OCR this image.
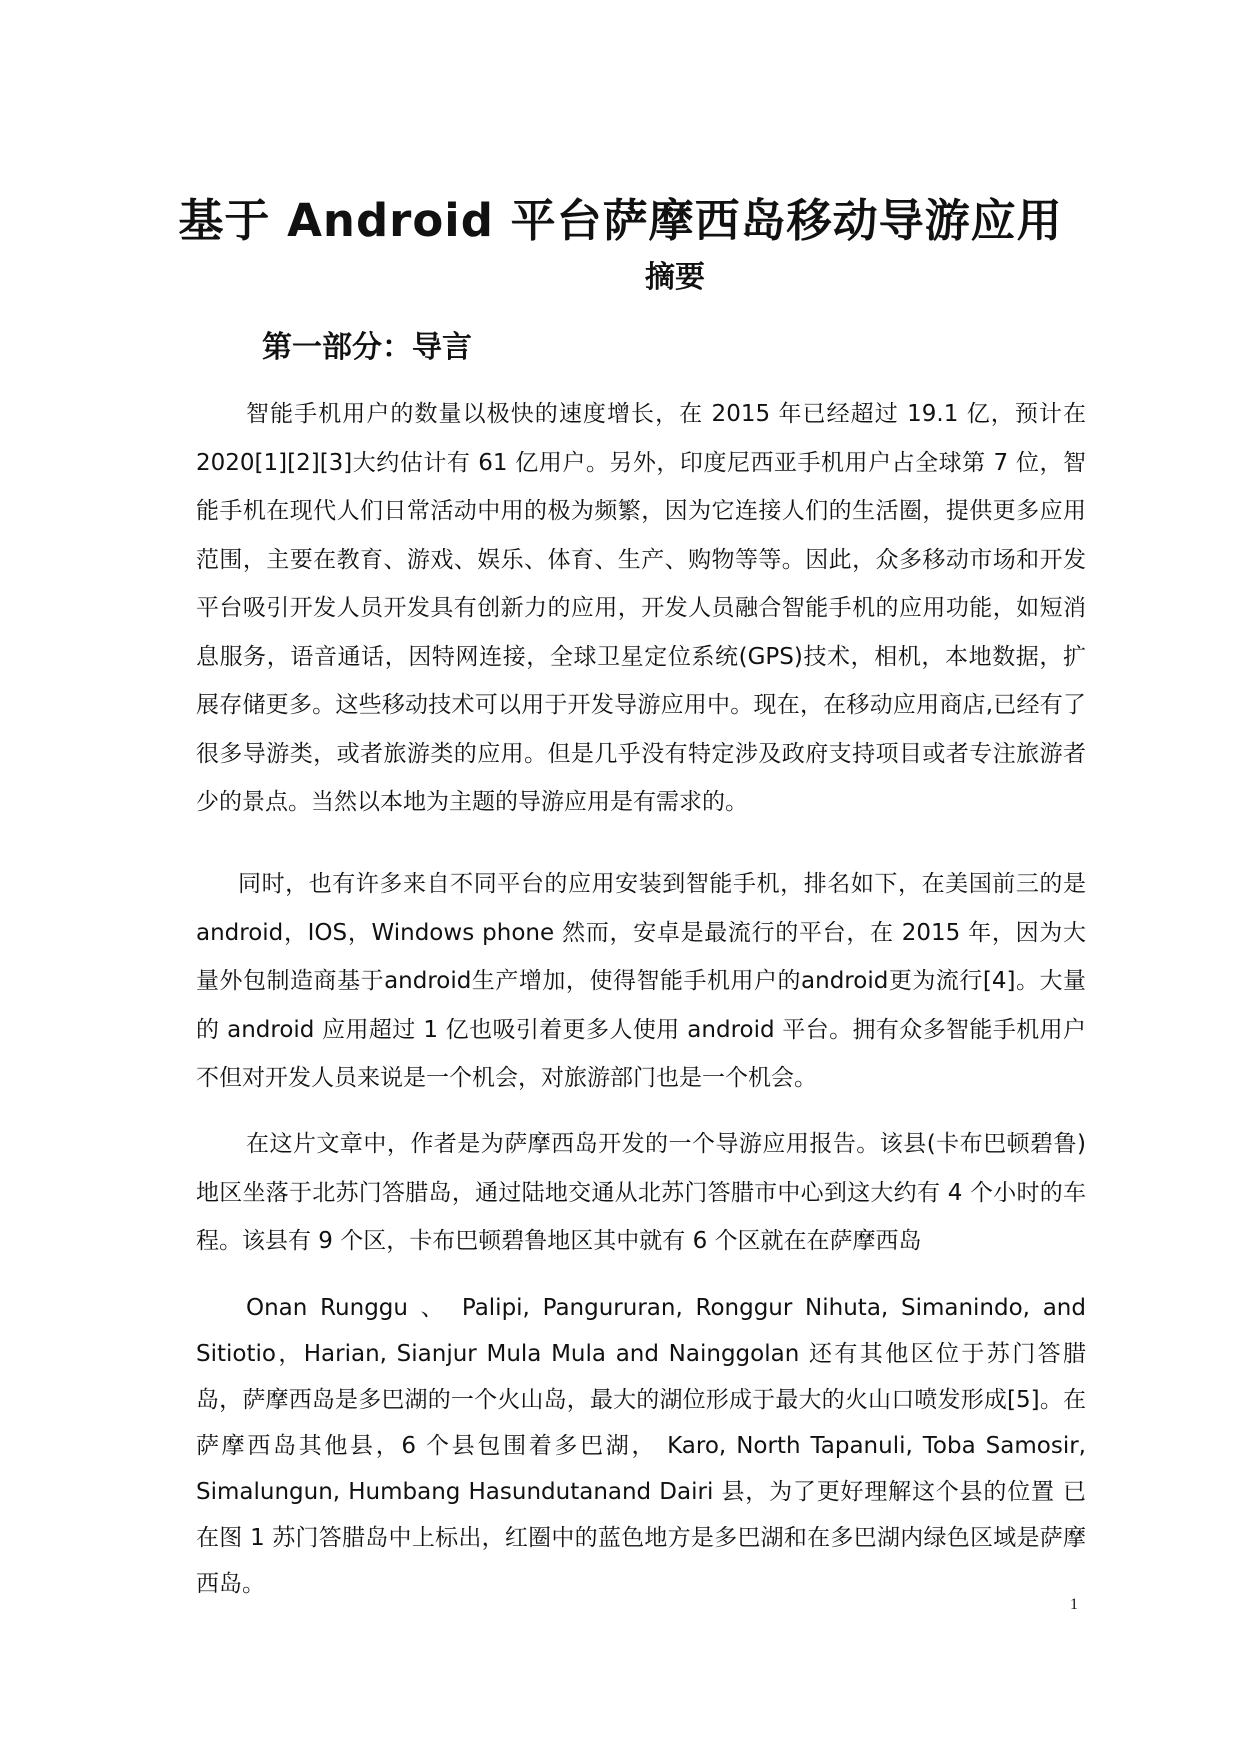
基于 Android 平台萨摩西岛移动导游应用
摘要
第一部分：导言

智能手机用户的数量以极快的速度增长，在 2015 年已经超过 19.1 亿，预计在 2020[1][2][3]大约估计有 61 亿用户。另外，印度尼西亚手机用户占全球第 7 位，智能手机在现代人们日常活动中用的极为频繁，因为它连接人们的生活圈，提供更多应用范围，主要在教育、游戏、娱乐、体育、生产、购物等等。因此，众多移动市场和开发平台吸引开发人员开发具有创新力的应用，开发人员融合智能手机的应用功能，如短消息服务，语音通话，因特网连接，全球卫星定位系统(GPS)技术，相机，本地数据，扩展存储更多。这些移动技术可以用于开发导游应用中。现在，在移动应用商店,已经有了很多导游类，或者旅游类的应用。但是几乎没有特定涉及政府支持项目或者专注旅游者少的景点。当然以本地为主题的导游应用是有需求的。

同时，也有许多来自不同平台的应用安装到智能手机，排名如下，在美国前三的是 android，IOS，Windows phone 然而，安卓是最流行的平台，在 2015 年，因为大量外包制造商基于android生产增加，使得智能手机用户的android更为流行[4]。大量的 android 应用超过 1 亿也吸引着更多人使用 android 平台。拥有众多智能手机用户不但对开发人员来说是一个机会，对旅游部门也是一个机会。

在这片文章中，作者是为萨摩西岛开发的一个导游应用报告。该县(卡布巴顿碧鲁)地区坐落于北苏门答腊岛，通过陆地交通从北苏门答腊市中心到这大约有 4 个小时的车程。该县有 9 个区，卡布巴顿碧鲁地区其中就有 6 个区就在在萨摩西岛

Onan Runggu 、 Palipi, Pangururan, Ronggur Nihuta, Simanindo, and Sitiotio，Harian, Sianjur Mula Mula and Nainggolan 还有其他区位于苏门答腊岛，萨摩西岛是多巴湖的一个火山岛，最大的湖位形成于最大的火山口喷发形成[5]。在萨摩西岛其他县，6 个县包围着多巴湖， Karo, North Tapanuli, Toba Samosir, Simalungun, Humbang Hasundutanand Dairi 县，为了更好理解这个县的位置 已在图 1 苏门答腊岛中上标出，红圈中的蓝色地方是多巴湖和在多巴湖内绿色区域是萨摩西岛。

1
